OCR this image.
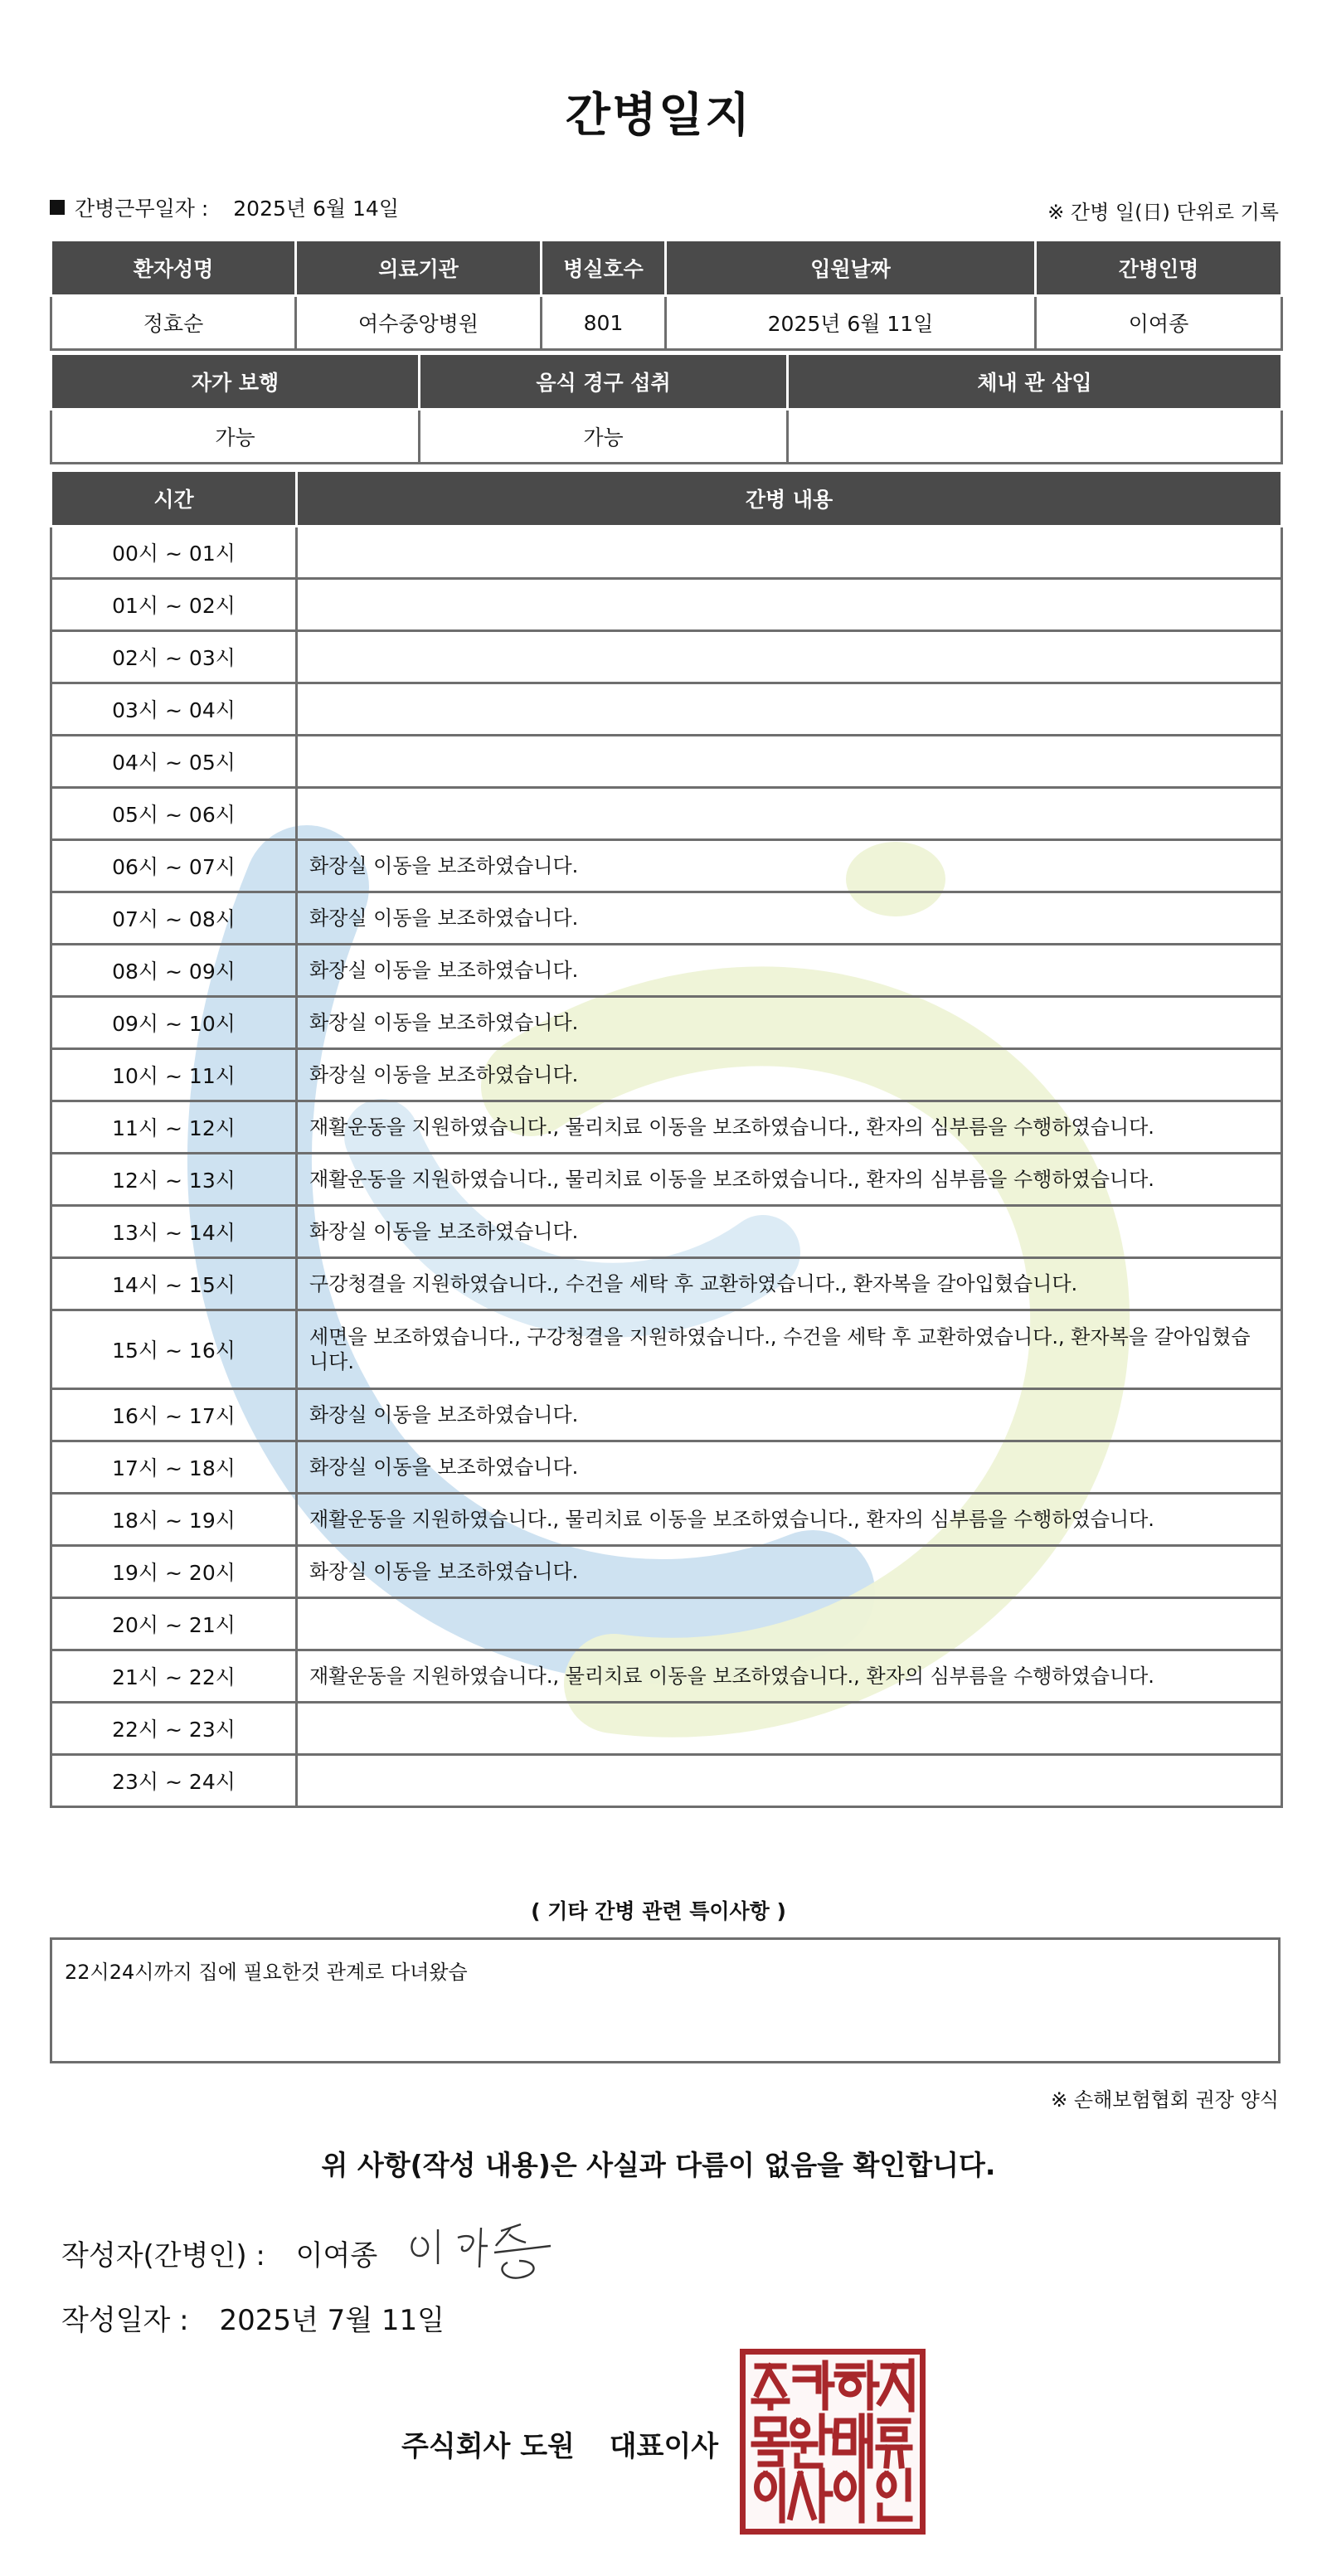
간병일지
간병근무일자 : 2025년 6월 14일	※ 간병 일(日) 단위로 기록
환자성명	의료기관	병실호수	입원날짜	간병인명
정효순	여수중앙병원	801	2025년 6월 11일	이여종
자가 보행	음식 경구 섭취	체내 관 삽입
가능	가능	
시간	간병 내용
00시 ~ 01시	
01시 ~ 02시	
02시 ~ 03시	
03시 ~ 04시	
04시 ~ 05시	
05시 ~ 06시	
06시 ~ 07시	화장실 이동을 보조하였습니다.
07시 ~ 08시	화장실 이동을 보조하였습니다.
08시 ~ 09시	화장실 이동을 보조하였습니다.
09시 ~ 10시	화장실 이동을 보조하였습니다.
10시 ~ 11시	화장실 이동을 보조하였습니다.
11시 ~ 12시	재활운동을 지원하였습니다., 물리치료 이동을 보조하였습니다., 환자의 심부름을 수행하였습니다.
12시 ~ 13시	재활운동을 지원하였습니다., 물리치료 이동을 보조하였습니다., 환자의 심부름을 수행하였습니다.
13시 ~ 14시	화장실 이동을 보조하였습니다.
14시 ~ 15시	구강청결을 지원하였습니다., 수건을 세탁 후 교환하였습니다., 환자복을 갈아입혔습니다.
15시 ~ 16시	세면을 보조하였습니다., 구강청결을 지원하였습니다., 수건을 세탁 후 교환하였습니다., 환자복을 갈아입혔습니다.
16시 ~ 17시	화장실 이동을 보조하였습니다.
17시 ~ 18시	화장실 이동을 보조하였습니다.
18시 ~ 19시	재활운동을 지원하였습니다., 물리치료 이동을 보조하였습니다., 환자의 심부름을 수행하였습니다.
19시 ~ 20시	화장실 이동을 보조하였습니다.
20시 ~ 21시	
21시 ~ 22시	재활운동을 지원하였습니다., 물리치료 이동을 보조하였습니다., 환자의 심부름을 수행하였습니다.
22시 ~ 23시	
23시 ~ 24시	
( 기타 간병 관련 특이사항 )
22시24시까지 집에 필요한것 관계로 다녀왔습
※ 손해보험협회 권장 양식
위 사항(작성 내용)은 사실과 다름이 없음을 확인합니다.
작성자(간병인) : 이여종
작성일자 : 2025년 7월 11일
주식회사 도원 대표이사
